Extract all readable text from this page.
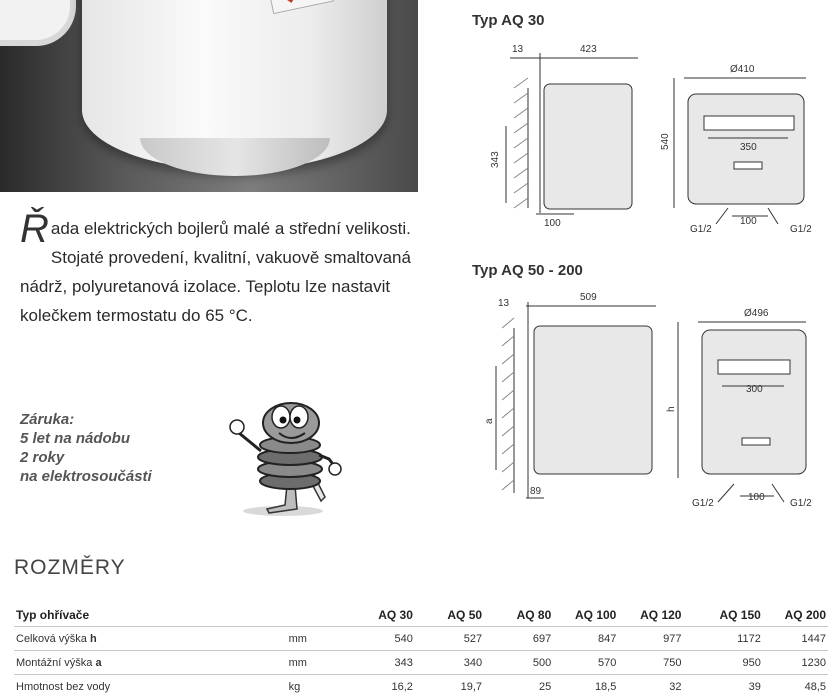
Ř ada elektrických bojlerů malé a střední velikosti. Stojaté provedení, kvalitní, vakuově smaltovaná nádrž, polyuretanová izolace. Teplotu lze nastavit kolečkem termostatu do 65 °C.
Záruka:
5 let na nádobu
2 roky
na elektrosoučásti
Typ AQ 30
423
13
343
100
Ø410
540	350
100
G1/2	G1/2
Typ AQ 50 - 200
509
13
a
89
Ø496
h
300
100
G1/2	G1/2
ROZMĚRY
Typ ohřívače		AQ 30	AQ 50	AQ 80	AQ 100	AQ 120	AQ 150	AQ 200
Celková výška h	mm	540	527	697	847	977	1172	1447
Montážní výška a	mm	343	340	500	570	750	950	1230
Hmotnost bez vody	kg	16,2	19,7	25	18,5	32	39	48,5
